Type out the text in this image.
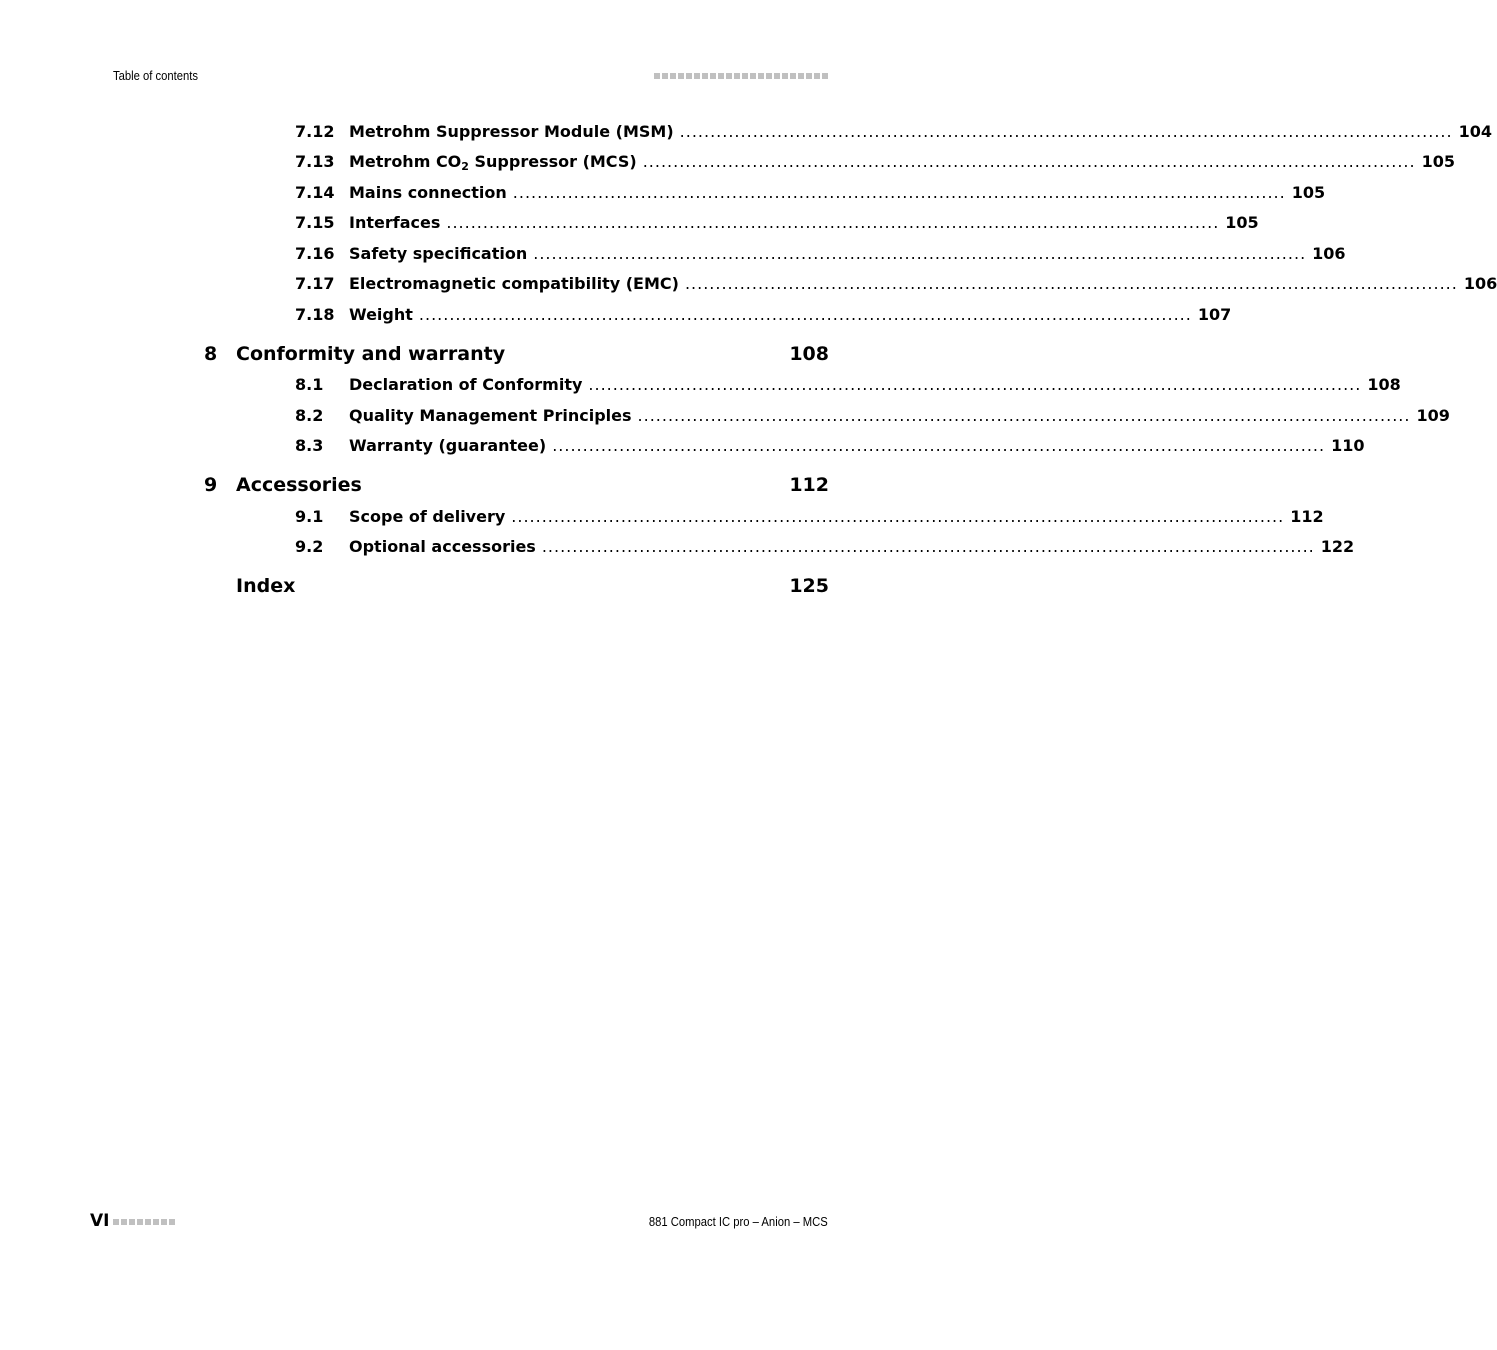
Table of contents
7.12 Metrohm Suppressor Module (MSM) ............................................................................................................................... 104
7.13 Metrohm $CO_2$ Suppressor (MCS) ............................................................................................................................... 105
7.14 Mains connection ............................................................................................................................... 105
7.15 Interfaces ............................................................................................................................... 105
7.16 Safety specification ............................................................................................................................... 106
7.17 Electromagnetic compatibility (EMC) ............................................................................................................................... 106
7.18 Weight ............................................................................................................................... 107
8 Conformity and warranty	108
8.1 Declaration of Conformity ............................................................................................................................... 108
8.2 Quality Management Principles ............................................................................................................................... 109
8.3 Warranty (guarantee) ............................................................................................................................... 110
9 Accessories	112
9.1 Scope of delivery ............................................................................................................................... 112
9.2 Optional accessories ............................................................................................................................... 122
Index	125
VI	881 Compact IC pro – Anion – MCS
